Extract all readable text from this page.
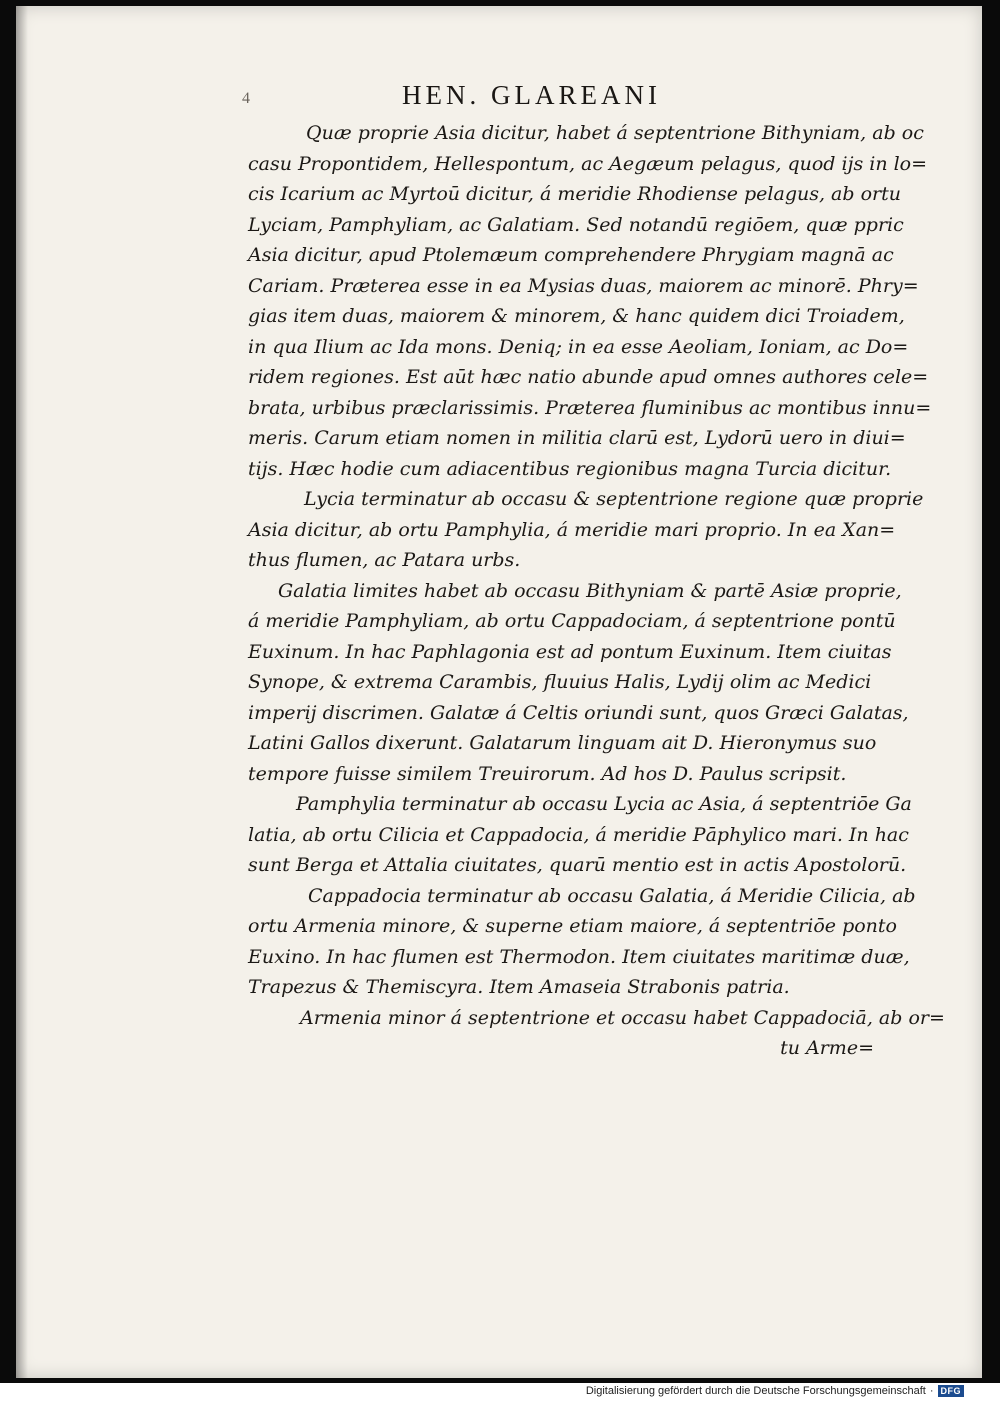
4	HEN. GLAREANI
Quæ proprie Asia dicitur, habet á septentrione Bithyniam, ab oc
casu Propontidem, Hellespontum, ac Aegæum pelagus, quod ijs in lo=
cis Icarium ac Myrtoū dicitur, á meridie Rhodiense pelagus, ab ortu
Lyciam, Pamphyliam, ac Galatiam. Sed notandū regiōem, quæ ppric
Asia dicitur, apud Ptolemæum comprehendere Phrygiam magnā ac
Cariam. Præterea esse in ea Mysias duas, maiorem ac minorē. Phry=
gias item duas, maiorem & minorem, & hanc quidem dici Troiadem,
in qua Ilium ac Ida mons. Deniq; in ea esse Aeoliam, Ioniam, ac Do=
ridem regiones. Est aūt hæc natio abunde apud omnes authores cele=
brata, urbibus præclarissimis. Præterea fluminibus ac montibus innu=
meris. Carum etiam nomen in militia clarū est, Lydorū uero in diui=
tijs. Hæc hodie cum adiacentibus regionibus magna Turcia dicitur.
Lycia terminatur ab occasu & septentrione regione quæ proprie
Asia dicitur, ab ortu Pamphylia, á meridie mari proprio. In ea Xan=
thus flumen, ac Patara urbs.
Galatia limites habet ab occasu Bithyniam & partē Asiæ proprie,
á meridie Pamphyliam, ab ortu Cappadociam, á septentrione pontū
Euxinum. In hac Paphlagonia est ad pontum Euxinum. Item ciuitas
Synope, & extrema Carambis, fluuius Halis, Lydij olim ac Medici
imperij discrimen. Galatæ á Celtis oriundi sunt, quos Græci Galatas,
Latini Gallos dixerunt. Galatarum linguam ait D. Hieronymus suo
tempore fuisse similem Treuirorum. Ad hos D. Paulus scripsit.
Pamphylia terminatur ab occasu Lycia ac Asia, á septentriōe Ga
latia, ab ortu Cilicia et Cappadocia, á meridie Pāphylico mari. In hac
sunt Berga et Attalia ciuitates, quarū mentio est in actis Apostolorū.
Cappadocia terminatur ab occasu Galatia, á Meridie Cilicia, ab
ortu Armenia minore, & superne etiam maiore, á septentriōe ponto
Euxino. In hac flumen est Thermodon. Item ciuitates maritimæ duæ,
Trapezus & Themiscyra. Item Amaseia Strabonis patria.
Armenia minor á septentrione et occasu habet Cappadociā, ab or=
tu Arme=
Digitalisierung gefördert durch die Deutsche Forschungsgemeinschaft · DFG
